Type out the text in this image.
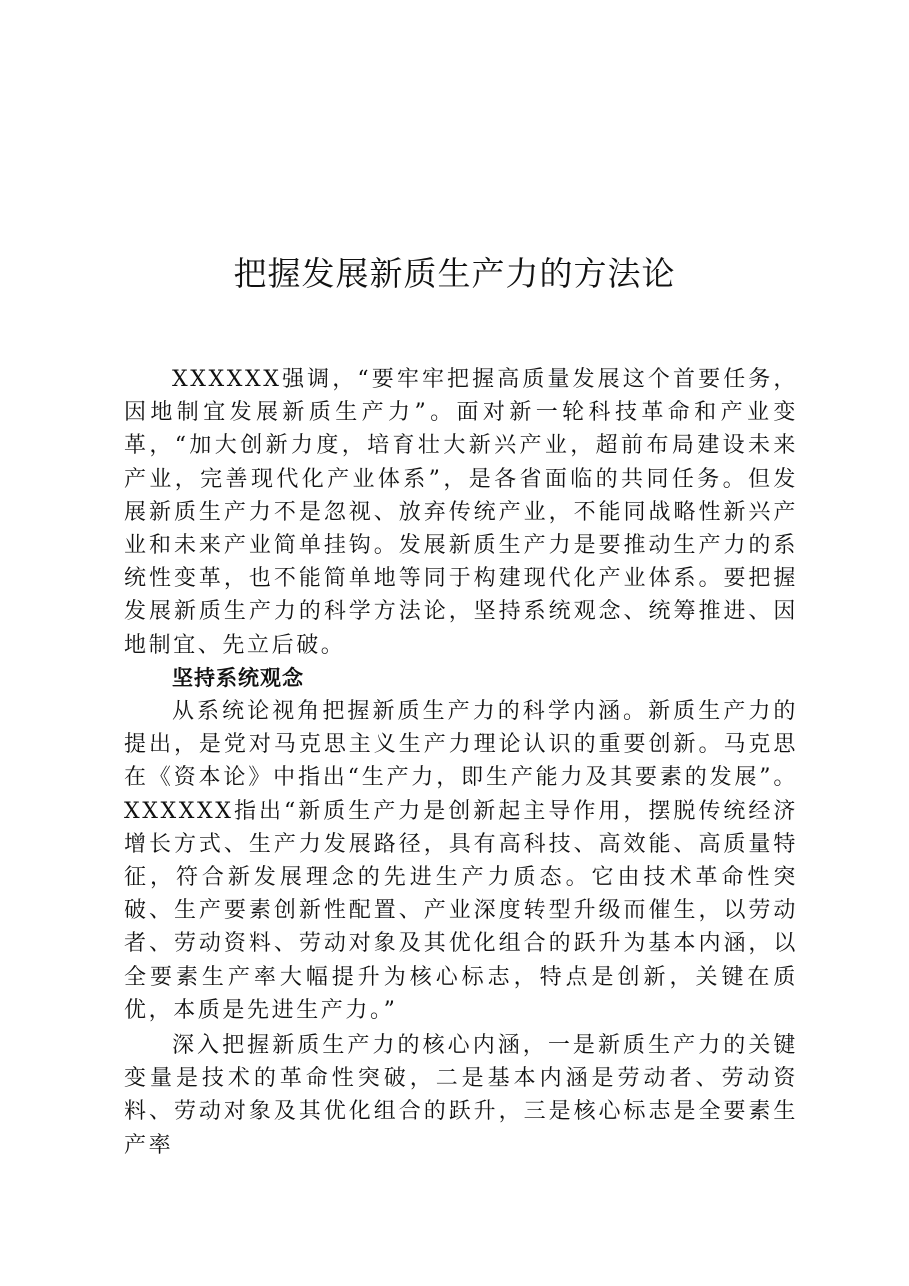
把握发展新质生产力的方法论

XXXXXX强调，“要牢牢把握高质量发展这个首要任务，因地制宜发展新质生产力”。面对新一轮科技革命和产业变革，“加大创新力度，培育壮大新兴产业，超前布局建设未来产业，完善现代化产业体系”，是各省面临的共同任务。但发展新质生产力不是忽视、放弃传统产业，不能同战略性新兴产业和未来产业简单挂钩。发展新质生产力是要推动生产力的系统性变革，也不能简单地等同于构建现代化产业体系。要把握发展新质生产力的科学方法论，坚持系统观念、统筹推进、因地制宜、先立后破。

坚持系统观念

从系统论视角把握新质生产力的科学内涵。新质生产力的提出，是党对马克思主义生产力理论认识的重要创新。马克思在《资本论》中指出“生产力，即生产能力及其要素的发展”。XXXXXX指出“新质生产力是创新起主导作用，摆脱传统经济增长方式、生产力发展路径，具有高科技、高效能、高质量特征，符合新发展理念的先进生产力质态。它由技术革命性突破、生产要素创新性配置、产业深度转型升级而催生，以劳动者、劳动资料、劳动对象及其优化组合的跃升为基本内涵，以全要素生产率大幅提升为核心标志，特点是创新，关键在质优，本质是先进生产力。”

深入把握新质生产力的核心内涵，一是新质生产力的关键变量是技术的革命性突破，二是基本内涵是劳动者、劳动资料、劳动对象及其优化组合的跃升，三是核心标志是全要素生产率
